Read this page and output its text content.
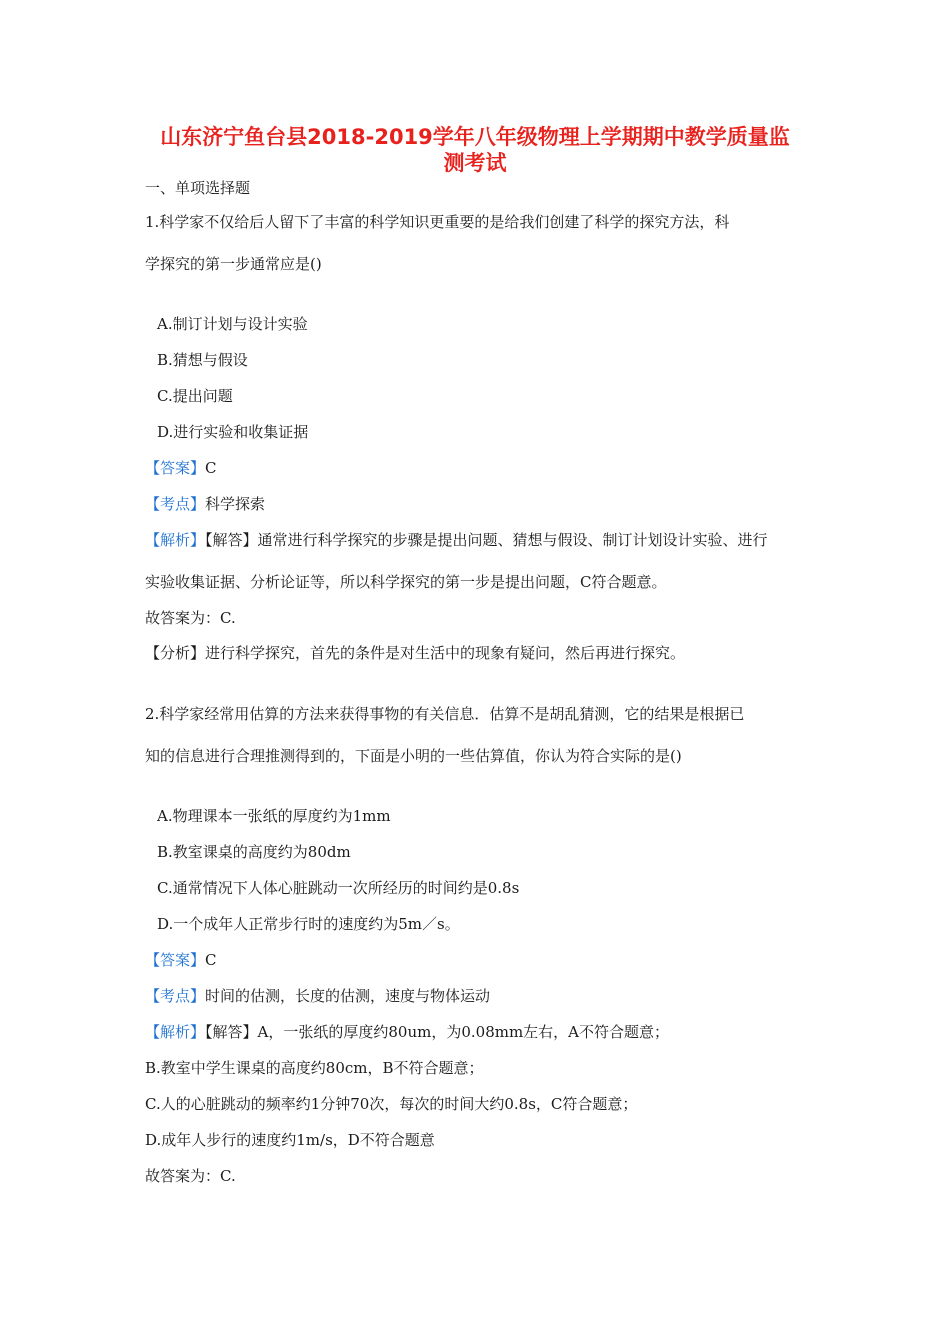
山东济宁鱼台县2018-2019学年八年级物理上学期期中教学质量监
测考试
一、单项选择题
1.科学家不仅给后人留下了丰富的科学知识更重要的是给我们创建了科学的探究方法，科
学探究的第一步通常应是()
A.制订计划与设计实验
B.猜想与假设
C.提出问题
D.进行实验和收集证据
【答案】C
【考点】科学探索
【解析】【解答】通常进行科学探究的步骤是提出问题、猜想与假设、制订计划设计实验、进行
实验收集证据、分析论证等，所以科学探究的第一步是提出问题，C符合题意。
故答案为：C.
【分析】进行科学探究，首先的条件是对生活中的现象有疑问，然后再进行探究。
2.科学家经常用估算的方法来获得事物的有关信息．估算不是胡乱猜测，它的结果是根据已
知的信息进行合理推测得到的，下面是小明的一些估算值，你认为符合实际的是()
A.物理课本一张纸的厚度约为1mm
B.教室课桌的高度约为80dm
C.通常情况下人体心脏跳动一次所经历的时间约是0.8s
D.一个成年人正常步行时的速度约为5m／s。
【答案】C
【考点】时间的估测，长度的估测，速度与物体运动
【解析】【解答】A，一张纸的厚度约80um，为0.08mm左右，A不符合题意；
B.教室中学生课桌的高度约80cm，B不符合题意；
C.人的心脏跳动的频率约1分钟70次，每次的时间大约0.8s，C符合题意；
D.成年人步行的速度约1m/s，D不符合题意
故答案为：C.
